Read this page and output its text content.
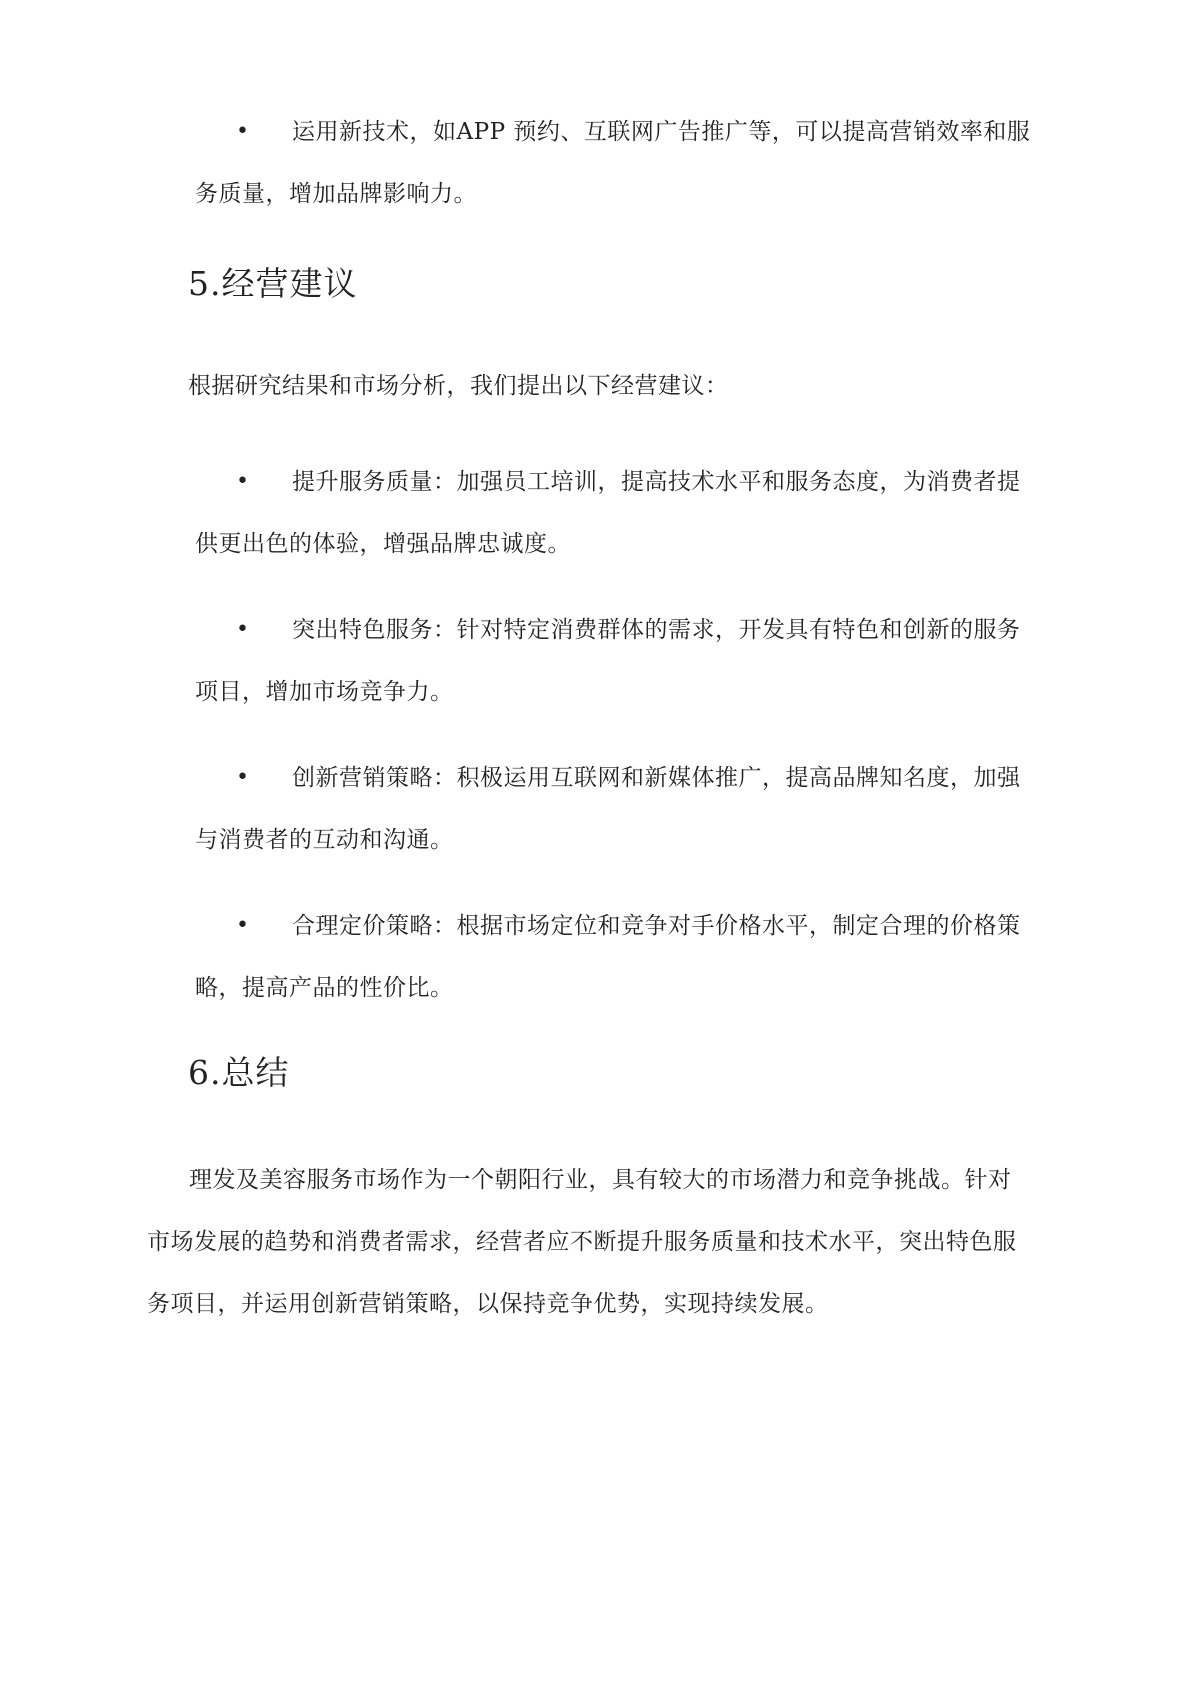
•	运用新技术，如APP 预约、互联网广告推广等，可以提高营销效率和服务质量，增加品牌影响力。

5.经营建议

根据研究结果和市场分析，我们提出以下经营建议：

•	提升服务质量：加强员工培训，提高技术水平和服务态度，为消费者提供更出色的体验，增强品牌忠诚度。

•	突出特色服务：针对特定消费群体的需求，开发具有特色和创新的服务项目，增加市场竞争力。

•	创新营销策略：积极运用互联网和新媒体推广，提高品牌知名度，加强与消费者的互动和沟通。

•	合理定价策略：根据市场定位和竞争对手价格水平，制定合理的价格策略，提高产品的性价比。

6.总结

理发及美容服务市场作为一个朝阳行业，具有较大的市场潜力和竞争挑战。针对市场发展的趋势和消费者需求，经营者应不断提升服务质量和技术水平，突出特色服务项目，并运用创新营销策略，以保持竞争优势，实现持续发展。
